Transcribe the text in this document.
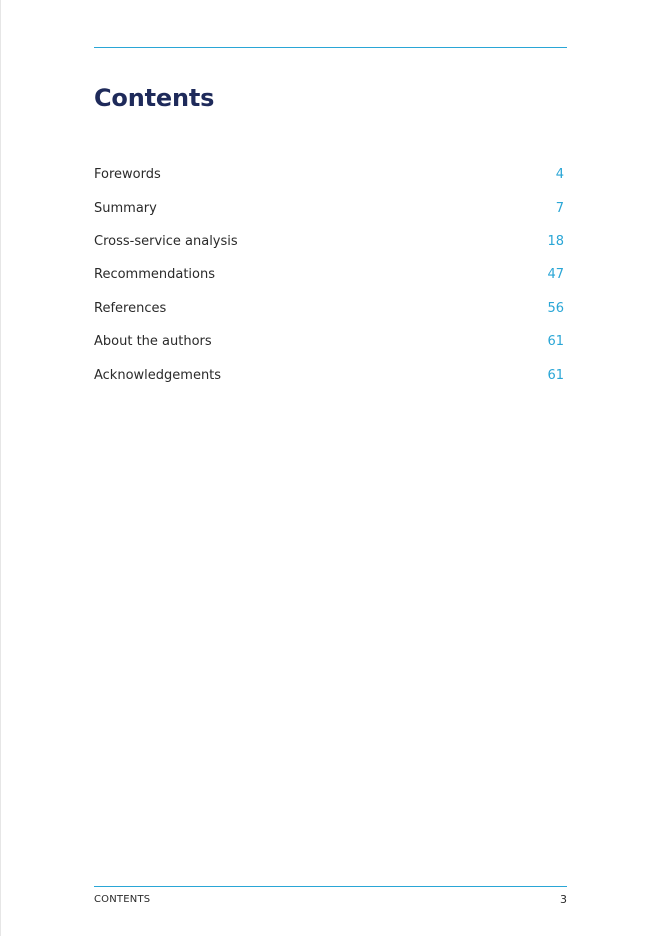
Contents
Forewords	4
Summary	7
Cross-service analysis	18
Recommendations	47
References	56
About the authors	61
Acknowledgements	61
CONTENTS	3
